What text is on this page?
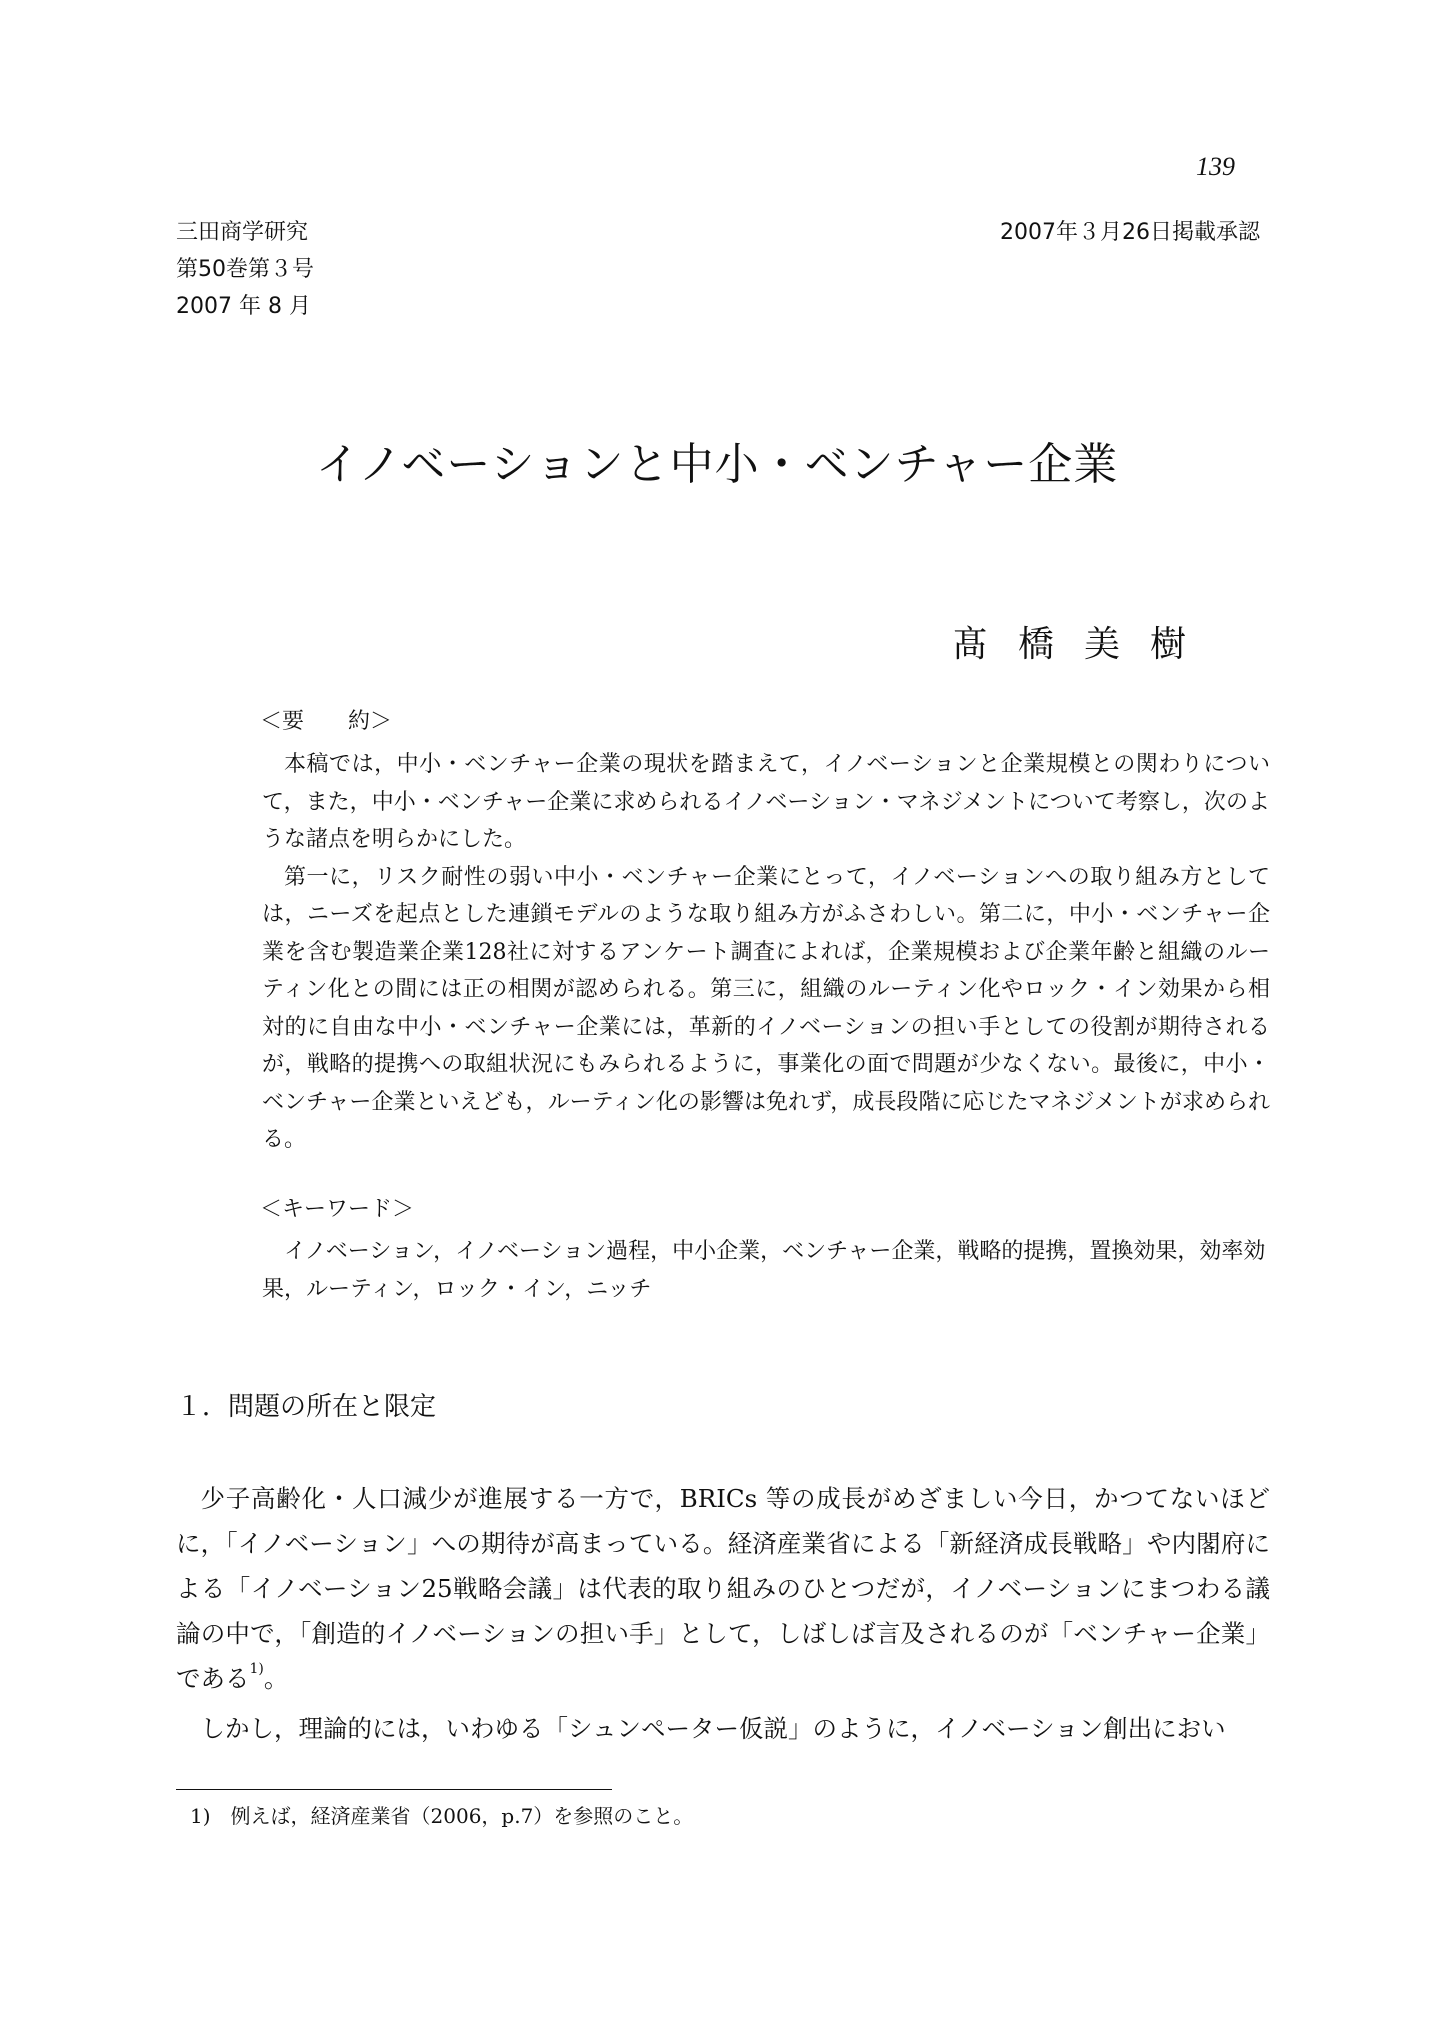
139
三田商学研究
第50巻第３号
2007 年 8 月
2007年３月26日掲載承認
イノベーションと中小・ベンチャー企業
髙橋美樹
＜要　　約＞

本稿では，中小・ベンチャー企業の現状を踏まえて，イノベーションと企業規模との関わりについて，また，中小・ベンチャー企業に求められるイノベーション・マネジメントについて考察し，次のような諸点を明らかにした。

第一に，リスク耐性の弱い中小・ベンチャー企業にとって，イノベーションへの取り組み方としては，ニーズを起点とした連鎖モデルのような取り組み方がふさわしい。第二に，中小・ベンチャー企業を含む製造業企業128社に対するアンケート調査によれば，企業規模および企業年齢と組織のルーティン化との間には正の相関が認められる。第三に，組織のルーティン化やロック・イン効果から相対的に自由な中小・ベンチャー企業には，革新的イノベーションの担い手としての役割が期待されるが，戦略的提携への取組状況にもみられるように，事業化の面で問題が少なくない。最後に，中小・ベンチャー企業といえども，ルーティン化の影響は免れず，成長段階に応じたマネジメントが求められる。

＜キーワード＞

イノベーション，イノベーション過程，中小企業，ベンチャー企業，戦略的提携，置換効果，効率効果，ルーティン，ロック・イン，ニッチ

１．問題の所在と限定

少子高齢化・人口減少が進展する一方で，BRICs 等の成長がめざましい今日，かつてないほどに，「イノベーション」への期待が高まっている。経済産業省による「新経済成長戦略」や内閣府による「イノベーション25戦略会議」は代表的取り組みのひとつだが，イノベーションにまつわる議論の中で，「創造的イノベーションの担い手」として，しばしば言及されるのが「ベンチャー企業」である$^{1)}$。

しかし，理論的には，いわゆる「シュンペーター仮説」のように，イノベーション創出におい

1)　例えば，経済産業省（2006，p.7）を参照のこと。
